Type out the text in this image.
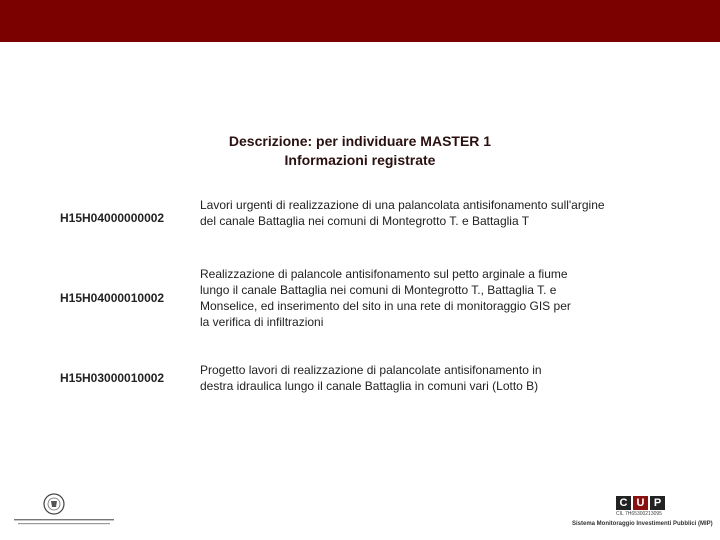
Descrizione: per individuare MASTER 1
Informazioni registrate
H15H04000000002
Lavori urgenti di realizzazione di una palancolata antisifonamento sull'argine
del canale Battaglia nei comuni di Montegrotto T. e Battaglia T
H15H04000010002
Realizzazione di palancole antisifonamento sul petto arginale a fiume
lungo il canale Battaglia nei comuni di Montegrotto T., Battaglia T. e
Monselice, ed inserimento del sito in una rete di monitoraggio GIS per
la verifica di infiltrazioni
H15H03000010002
Progetto lavori di realizzazione di palancolate antisifonamento in
destra idraulica lungo il canale Battaglia in comuni vari (Lotto B)
C U P
CIL 7H65300213095
Sistema Monitoraggio Investimenti Pubblici (MIP)
